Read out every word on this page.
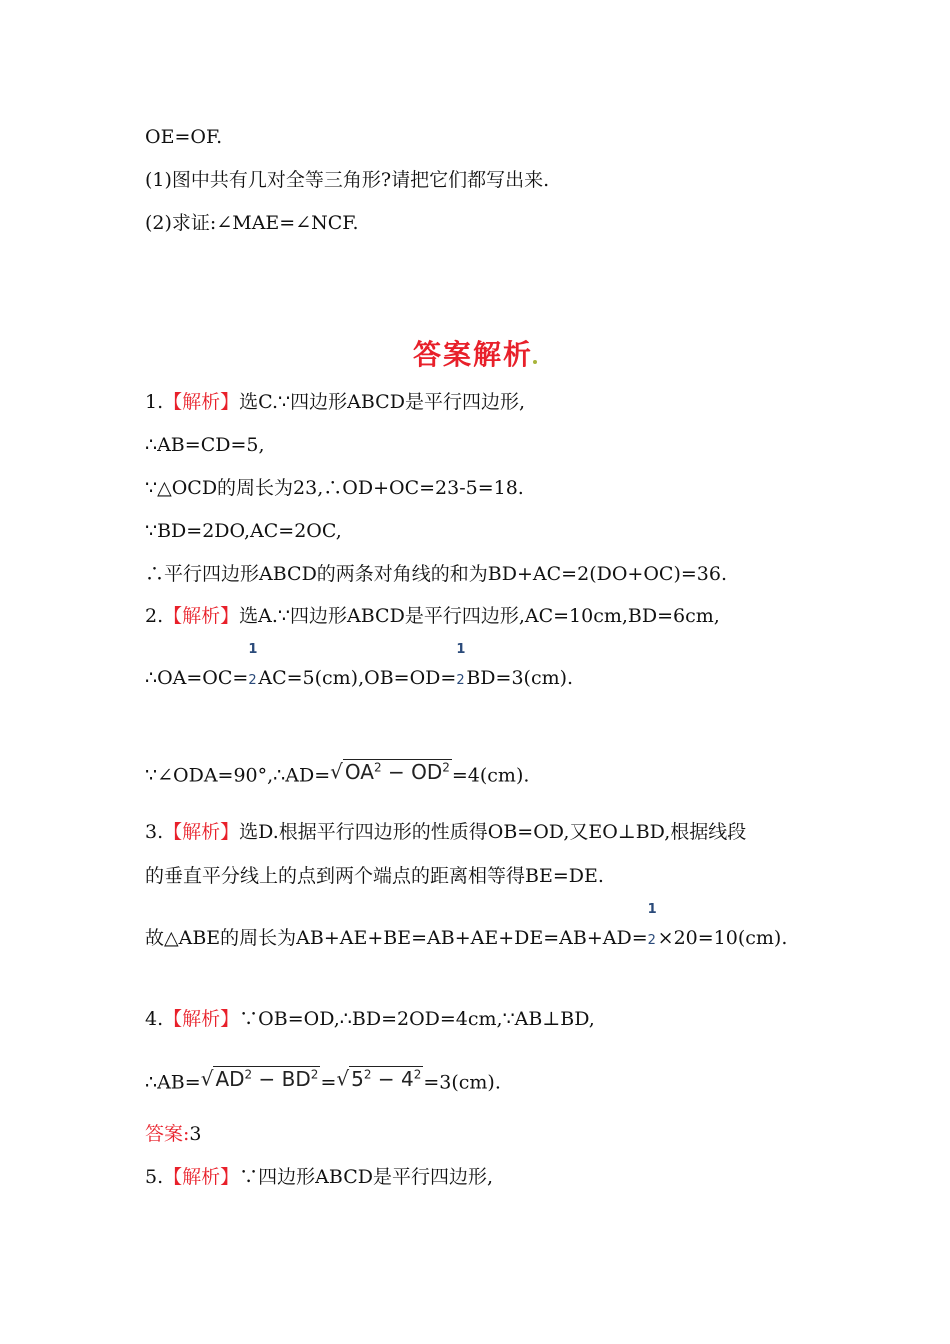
OE=OF.
(1)图中共有几对全等三角形?请把它们都写出来.
(2)求证:∠MAE=∠NCF.
答案解析
1.【解析】选C.∵四边形ABCD是平行四边形,
∴AB=CD=5,
∵△OCD的周长为23,∴OD+OC=23-5=18.
∵BD=2DO,AC=2OC,
∴平行四边形ABCD的两条对角线的和为BD+AC=2(DO+OC)=36.
2.【解析】选A.∵四边形ABCD是平行四边形,AC=10cm,BD=6cm,
∴OA=OC=
1
2AC=5(cm),OB=OD=
1
2BD=3(cm).
∵∠ODA=90°,∴AD=√ $OA^2 - OD^2 =4(cm)$.
3.【解析】选D.根据平行四边形的性质得OB=OD,又EO⊥BD,根据线段
的垂直平分线上的点到两个端点的距离相等得BE=DE.
故△ABE的周长为AB+AE+BE=AB+AE+DE=AB+AD=
1
2×20=10(cm).
4.【解析】∵OB=OD,∴BD=2OD=4cm,∵AB⊥BD,
∴AB=√ $AD^2 - BD^2$ =√ $5^2 - 4^2 =3(cm)$.
答案:3
5.【解析】∵四边形ABCD是平行四边形,
